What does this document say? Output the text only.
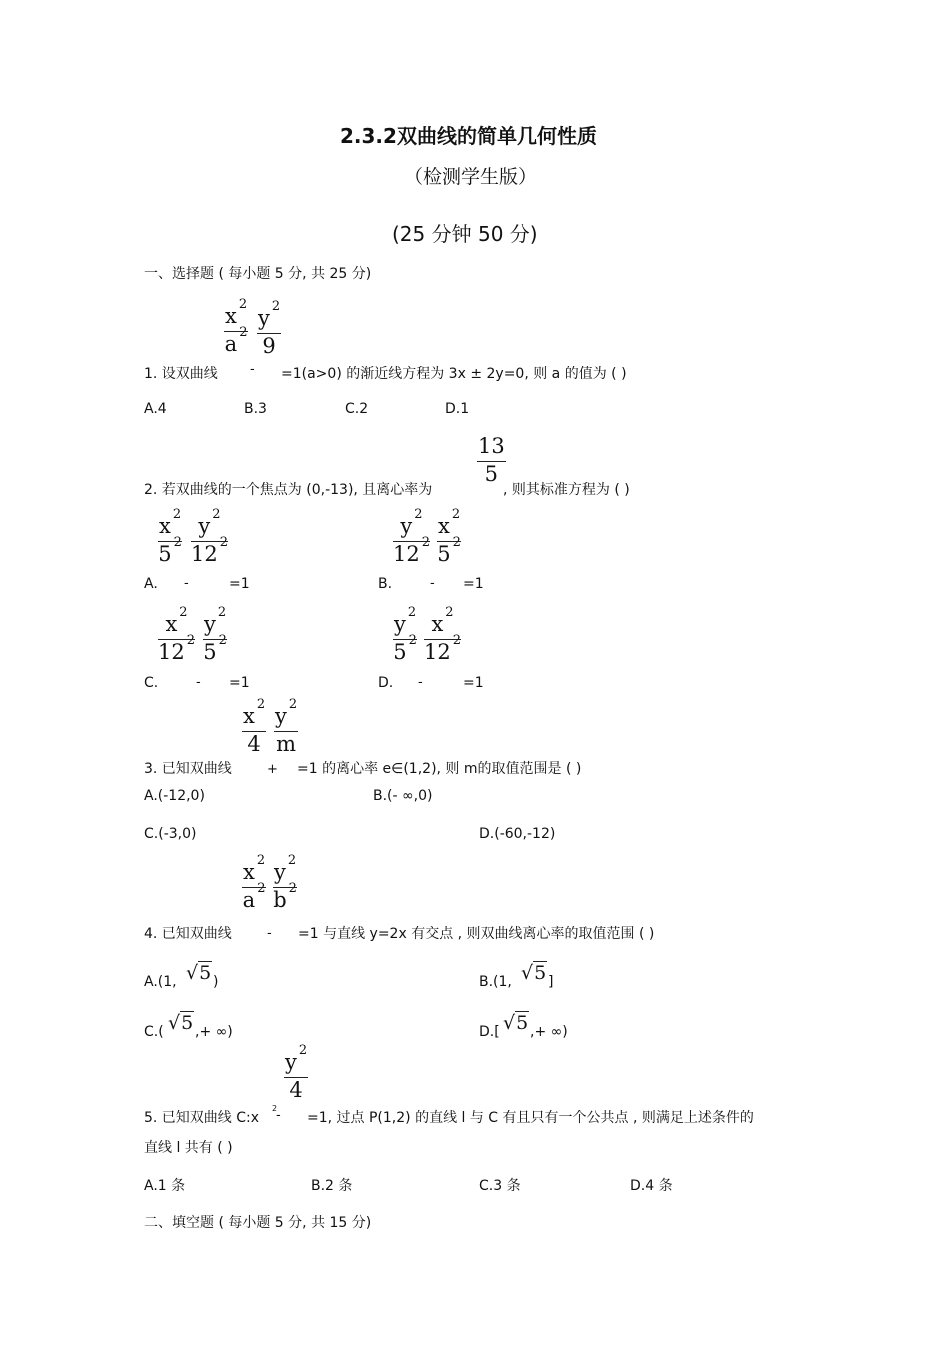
2.3.2双曲线的简单几何性质
（检测学生版）
(25 分钟 50 分)
一、选择题 ( 每小题 5 分, 共 25 分)
$\frac{x ^2}{a ^2}$
-
$\frac{y ^2}{9}$
1. 设双曲线	=1(a>0) 的渐近线方程为 3x ± 2y=0, 则 a 的值为 ( )
A.4	B.3	C.2	D.1
2. 若双曲线的一个焦点为 (0,-13), 且离心率为
$\frac{13}{5}$
, 则其标准方程为 ( )
A.
$\frac{x ^2}{5 ^2}$
-
$\frac{y ^2}{12 ^2}$
=1	B.
$\frac{y ^2}{12 ^2}$
-
$\frac{x ^2}{5 ^2}$
=1
C.
$\frac{x ^2}{12 ^2}$
-
$\frac{y ^2}{5 ^2}$
=1	D.
$\frac{y ^2}{5 ^2}$
-
$\frac{x ^2}{12 ^2}$
=1
$\frac{x ^2}{4}$
+
$\frac{y ^2}{m}$
3. 已知双曲线	=1 的离心率 e∈(1,2), 则 m的取值范围是 ( )
A.(-12,0)	B.(- ∞,0)
C.(-3,0)	D.(-60,-12)
$\frac{x ^2}{a ^2}$
-
$\frac{y ^2}{b ^2}$
4. 已知双曲线	=1 与直线 y=2x 有交点 , 则双曲线离心率的取值范围 ( )
A.(1, √5 )	B.(1, √5 ]
C.( √5 ,+ ∞)	D.[ √5 ,+ ∞)
5. 已知双曲线 C:x
2
-
$\frac{y ^2}{4}$
=1, 过点 P(1,2) 的直线 l 与 C 有且只有一个公共点 , 则满足上述条件的
直线 l 共有 ( )
A.1 条	B.2 条	C.3 条	D.4 条
二、填空题 ( 每小题 5 分, 共 15 分)
